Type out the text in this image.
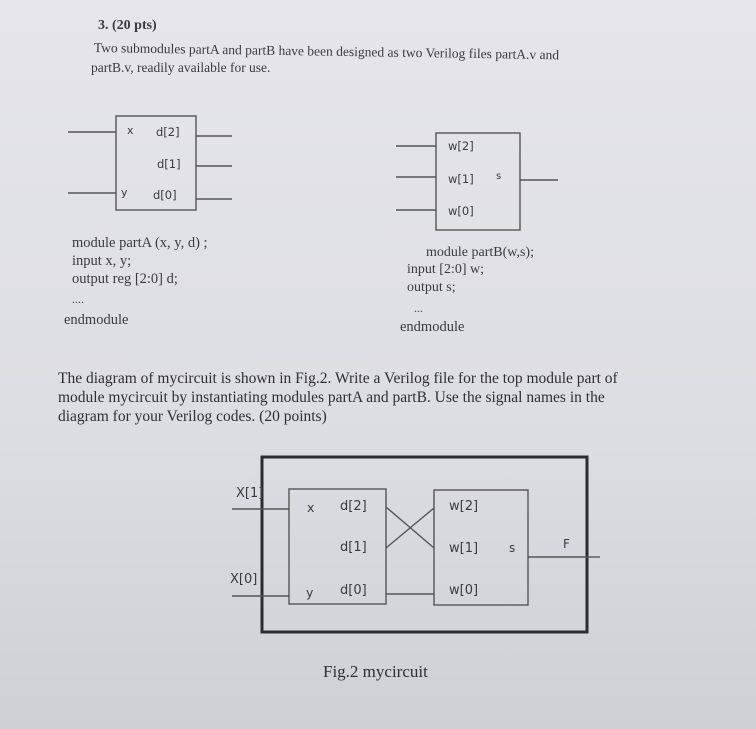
3. (20 pts)
Two submodules partA and partB have been designed as two Verilog files partA.v and
partB.v, readily available for use.
x
y
d[2]
d[1]
d[0]
w[2]
w[1]
w[0]
s
module partA (x, y, d) ;
input x, y;
output reg [2:0] d;
....
endmodule
module partB(w,s);
input [2:0] w;
output s;
...
endmodule
The diagram of mycircuit is shown in Fig.2. Write a Verilog file for the top module part of
module mycircuit by instantiating modules partA and partB. Use the signal names in the
diagram for your Verilog codes. (20 points)
X[1]
X[0]
x
y
d[2]
d[1]
d[0]
w[2]
w[1]
w[0]
s	F
Fig.2 mycircuit
